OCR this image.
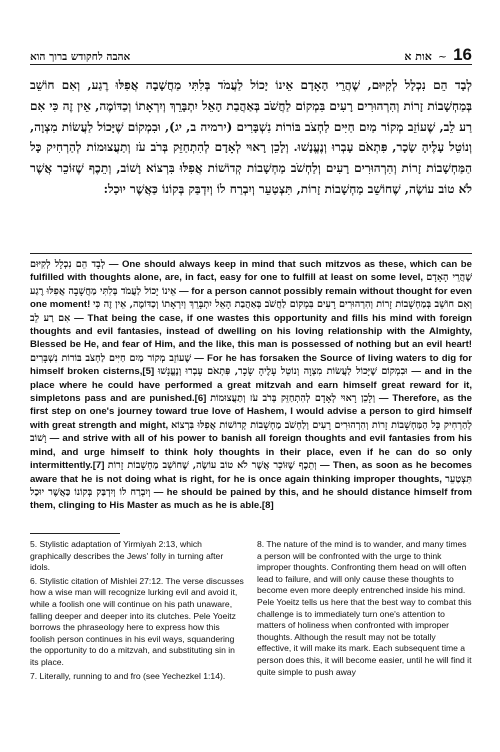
אהבה לחקודש ברוך הוא	אות א ~ 16
לְבָד הֵם נִכְלָל לְקִיּוּם, שֶׁהֲרֵי הָאָדָם אֵינוֹ יָכוֹל לַעֲמֹד בְּלִתִּי מַחֲשָׁבָה אֲפִלּוּ רֶגַע, וְאִם חוֹשֵׁב בְּמַחְשָׁבוֹת זָרוֹת וְהִרְהוּרִים רָעִים בִּמְקוֹם לַחֲשֹׁב בְּאַהֲבַת הָאֵל יִתְבָּרֵךְ וְיִרְאָתוֹ וְכַדּוֹמֶה, אֵין זֶה כִּי אִם רַע לֵב, שֶׁעוֹזֵב מְקוֹר מַיִם חַיִּים לַחְצֹב בּוֹרוֹת נִשְׁבָּרִים (ירמיה ב, יג), וּבִמְקוֹם שֶׁיָּכוֹל לַעֲשׂוֹת מִצְוָה, וְנוֹטֵל עָלֶיהָ שָׂכָר, פִּתְאֹם עָבְרוּ וְנֶעֱנָשׁוּ. וְלָכֵן רָאוּי לְאָדָם לְהִתְחַזֵּק בְּרֹב עֹז וְתַעֲצוּמוֹת לְהַרְחִיק כָּל הַמַּחְשָׁבוֹת זָרוֹת וְהִרְהוּרִים רָעִים וְלַחְשֹׁב מַחְשָׁבוֹת קְדוֹשׁוֹת אֲפִלּוּ בִּרְצוֹא וָשׁוֹב, וְתֵכֶף שֶׁזּוֹכֵר אֲשֶׁר לֹא טוֹב עוֹשֶׂה, שֶׁחוֹשֵׁב מַחְשָׁבוֹת זָרוֹת, תִּצְטַעֵר וְיִבְרַח לוֹ וְיִדְבַּק בְּקוֹנוֹ כַּאֲשֶׁר יוּכַל:
לְבָד הֵם נִכְלָל לְקִיּוּם — One should always keep in mind that such mitzvos as these, which can be fulfilled with thoughts alone, are, in fact, easy for one to fulfill at least on some level, שֶׁהֲרֵי הָאָדָם אֵינוֹ יָכוֹל לַעֲמֹד בְּלִתִּי מַחֲשָׁבָה אֲפִלּוּ רֶגַע — for a person cannot possibly remain without thought for even one moment! וְאִם חוֹשֵׁב בְּמַחְשָׁבוֹת זָרוֹת וְהִרְהוּרִים רָעִים בִּמְקוֹם לַחֲשֹׁב בְּאַהֲבַת הָאֵל יִתְבָּרֵךְ וְיִרְאָתוֹ וְכַדּוֹמֶה, אֵין זֶה כִּי אִם רַע לֵב — That being the case, if one wastes this opportunity and fills his mind with foreign thoughts and evil fantasies, instead of dwelling on his loving relationship with the Almighty, Blessed be He, and fear of Him, and the like, this man is possessed of nothing but an evil heart! שֶׁעוֹזֵב מְקוֹר מַיִם חַיִּים לַחְצֹב בּוֹרוֹת נִשְׁבָּרִים — For he has forsaken the Source of living waters to dig for himself broken cisterns,[5] וּבִמְקוֹם שֶׁיָּכוֹל לַעֲשׂוֹת מִצְוָה וְנוֹטֵל עָלֶיהָ שָׂכָר, פִּתְאֹם עָבְרוּ וְנֶעֱנָשׁוּ — and in the place where he could have performed a great mitzvah and earn himself great reward for it, simpletons pass and are punished.[6] וְלָכֵן רָאוּי לְאָדָם לְהִתְחַזֵּק בְּרֹב עֹז וְתַעֲצוּמוֹת — Therefore, as the first step on one's journey toward true love of Hashem, I would advise a person to gird himself with great strength and might, לְהַרְחִיק כָּל הַמַּחְשָׁבוֹת זָרוֹת וְהִרְהוּרִים רָעִים וְלַחְשֹׁב מַחְשָׁבוֹת קְדוֹשׁוֹת אֲפִלּוּ בִּרְצוֹא וָשׁוֹב — and strive with all of his power to banish all foreign thoughts and evil fantasies from his mind, and urge himself to think holy thoughts in their place, even if he can do so only intermittently.[7] וְתֵכֶף שֶׁזּוֹכֵר אֲשֶׁר לֹא טוֹב עוֹשֶׂה, שֶׁחוֹשֵׁב מַחְשָׁבוֹת זָרוֹת — Then, as soon as he becomes aware that he is not doing what is right, for he is once again thinking improper thoughts, תִּצְטַעֵר וְיִבְרַח לוֹ וְיִדְבַּק בְּקוֹנוֹ כַּאֲשֶׁר יוּכַל — he should be pained by this, and he should distance himself from them, clinging to His Master as much as he is able.[8]

5. Stylistic adaptation of Yirmiyah 2:13, which graphically describes the Jews' folly in turning after idols.

6. Stylistic citation of Mishlei 27:12. The verse discusses how a wise man will recognize lurking evil and avoid it, while a foolish one will continue on his path unaware, falling deeper and deeper into its clutches. Pele Yoeitz borrows the phraseology here to express how this foolish person continues in his evil ways, squandering the opportunity to do a mitzvah, and substituting sin in its place.

7. Literally, running to and fro (see Yechezkel 1:14).

8. The nature of the mind is to wander, and many times a person will be confronted with the urge to think improper thoughts. Confronting them head on will often lead to failure, and will only cause these thoughts to become even more deeply entrenched inside his mind. Pele Yoeitz tells us here that the best way to combat this challenge is to immediately turn one's attention to matters of holiness when confronted with improper thoughts. Although the result may not be totally effective, it will make its mark. Each subsequent time a person does this, it will become easier, until he will find it quite simple to push away
